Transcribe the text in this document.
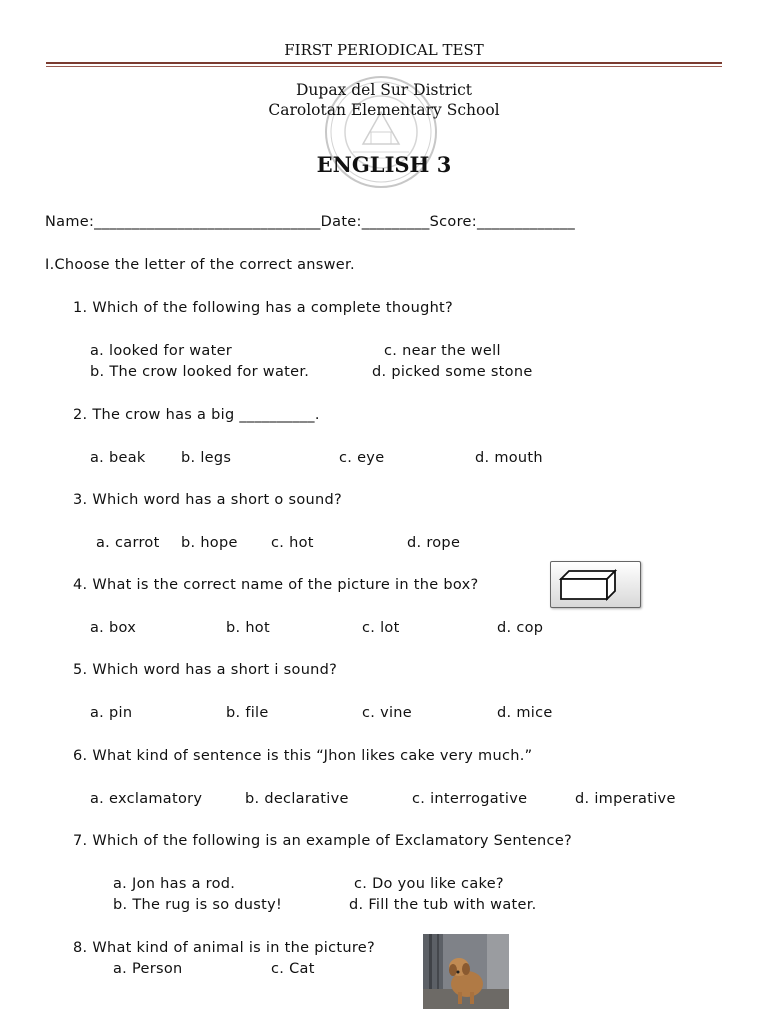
FIRST PERIODICAL TEST
Dupax del Sur District
Carolotan Elementary School
ENGLISH 3
Name:______________________________Date:_________Score:_____________
I.Choose the letter of the correct answer.
1. Which of the following has a complete thought?
a. looked for water	c. near the well
b. The crow looked for water.	d. picked some stone
2. The crow has a big __________.
a. beak b. legs	c. eye	d. mouth
3. Which word has a short o sound?
a. carrot b. hope c. hot	d. rope
4. What is the correct name of the picture in the box?
a. box	b. hot	c. lot	d. cop
5. Which word has a short i sound?
a. pin	b. file	c. vine	d. mice
6. What kind of sentence is this “Jhon likes cake very much.”
a. exclamatory	b. declarative	c. interrogative	d. imperative
7. Which of the following is an example of Exclamatory Sentence?
a. Jon has a rod.	c. Do you like cake?
b. The rug is so dusty!	d. Fill the tub with water.
8. What kind of animal is in the picture?
a. Person	c. Cat
